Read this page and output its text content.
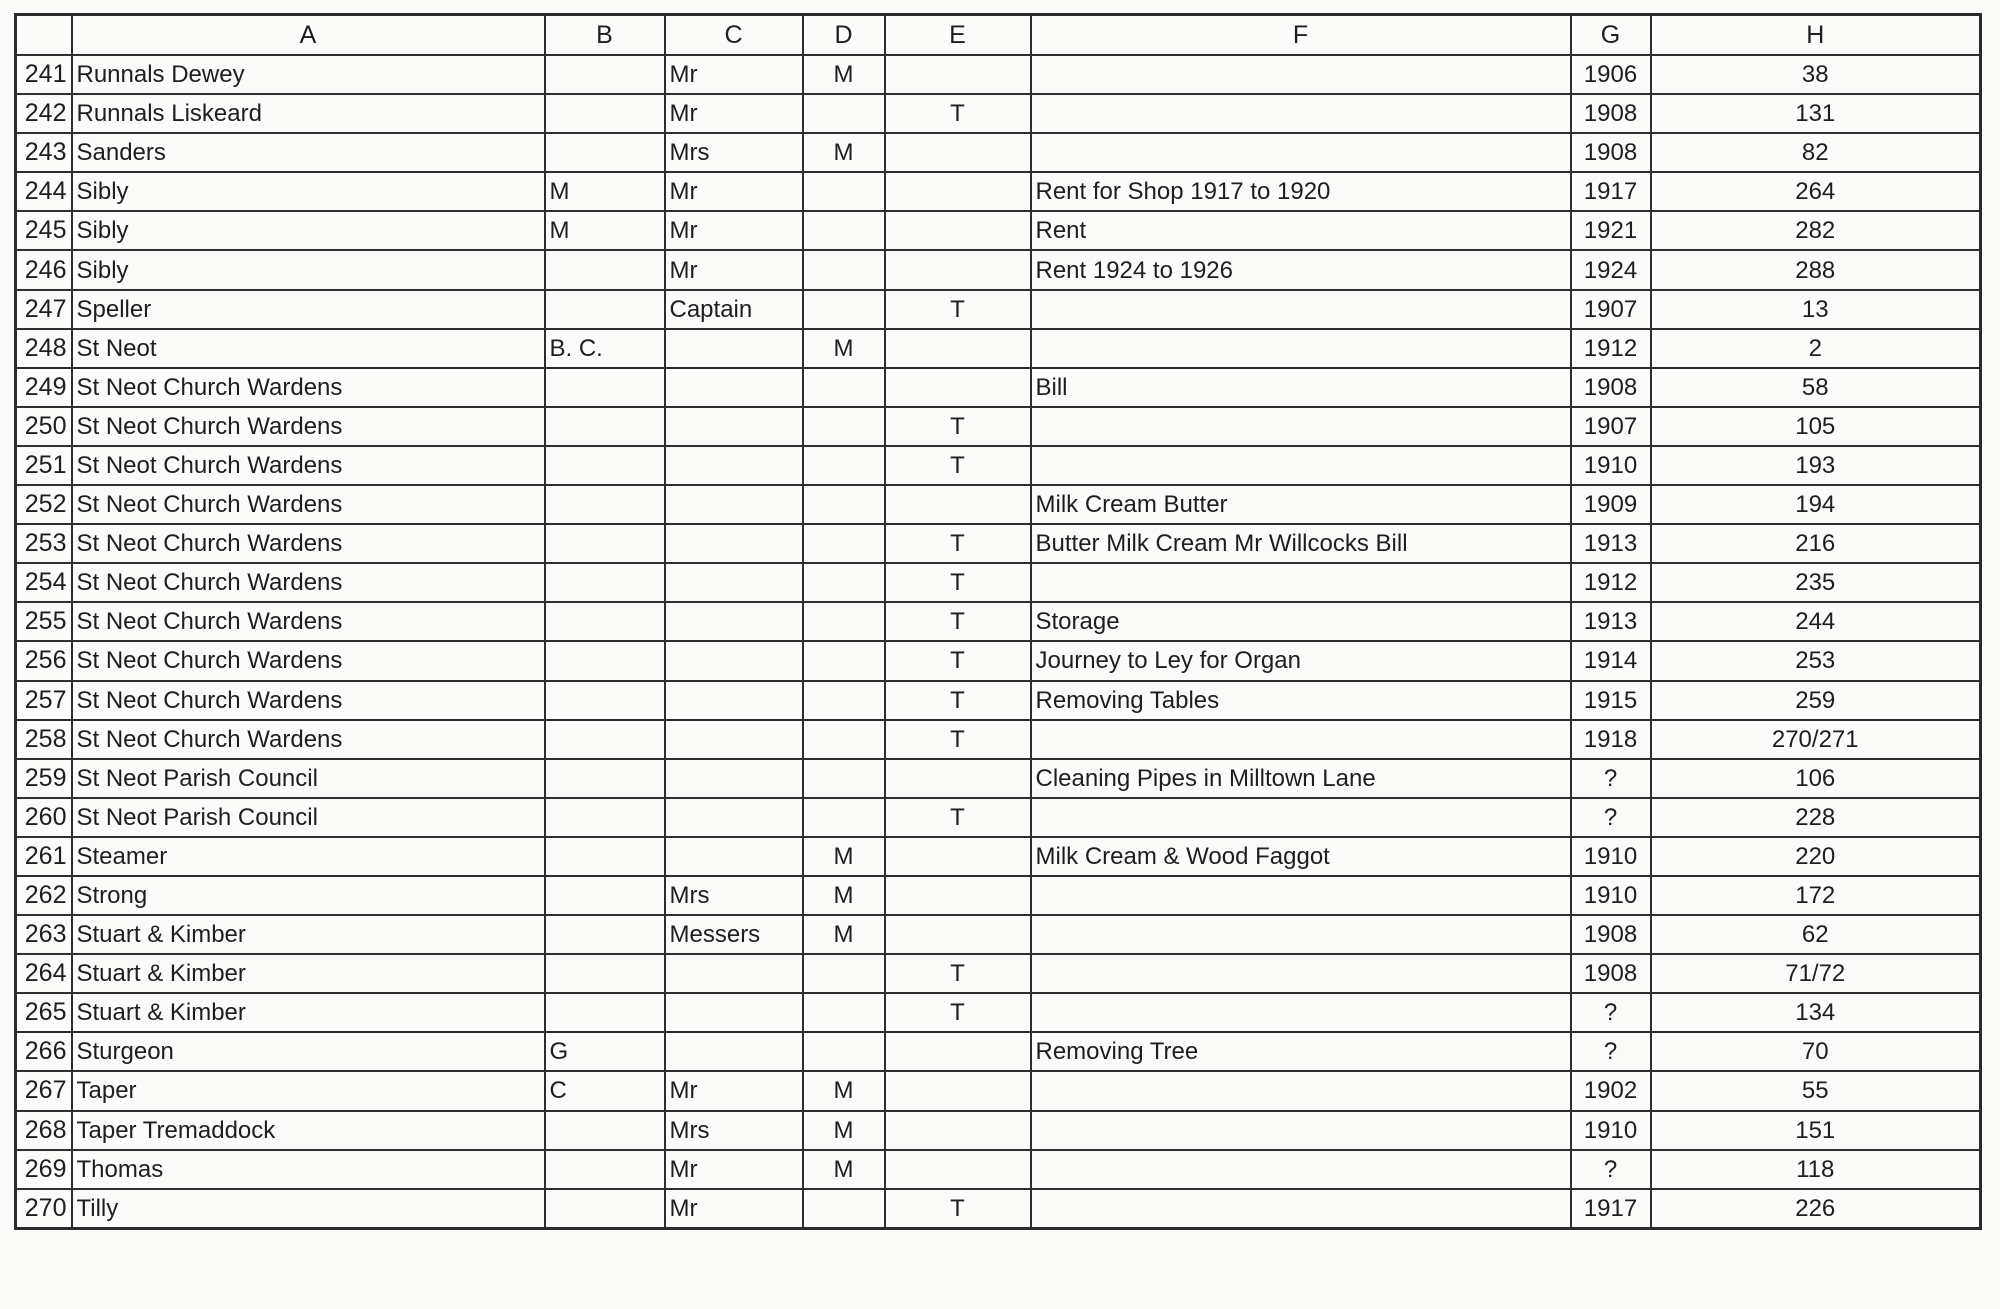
	A	B	C	D	E	F	G	H
241	Runnals Dewey		Mr	M			1906	38
242	Runnals Liskeard		Mr		T		1908	131
243	Sanders		Mrs	M			1908	82
244	Sibly	M	Mr			Rent for Shop 1917 to 1920	1917	264
245	Sibly	M	Mr			Rent	1921	282
246	Sibly		Mr			Rent 1924 to 1926	1924	288
247	Speller		Captain		T		1907	13
248	St Neot	B. C.		M			1912	2
249	St Neot Church Wardens					Bill	1908	58
250	St Neot Church Wardens				T		1907	105
251	St Neot Church Wardens				T		1910	193
252	St Neot Church Wardens					Milk Cream Butter	1909	194
253	St Neot Church Wardens				T	Butter Milk Cream Mr Willcocks Bill	1913	216
254	St Neot Church Wardens				T		1912	235
255	St Neot Church Wardens				T	Storage	1913	244
256	St Neot Church Wardens				T	Journey to Ley for Organ	1914	253
257	St Neot Church Wardens				T	Removing Tables	1915	259
258	St Neot Church Wardens				T		1918	270/271
259	St Neot Parish Council					Cleaning Pipes in Milltown Lane	?	106
260	St Neot Parish Council				T		?	228
261	Steamer			M		Milk Cream & Wood Faggot	1910	220
262	Strong		Mrs	M			1910	172
263	Stuart & Kimber		Messers	M			1908	62
264	Stuart & Kimber				T		1908	71/72
265	Stuart & Kimber				T		?	134
266	Sturgeon	G				Removing Tree	?	70
267	Taper	C	Mr	M			1902	55
268	Taper Tremaddock		Mrs	M			1910	151
269	Thomas		Mr	M			?	118
270	Tilly		Mr		T		1917	226
